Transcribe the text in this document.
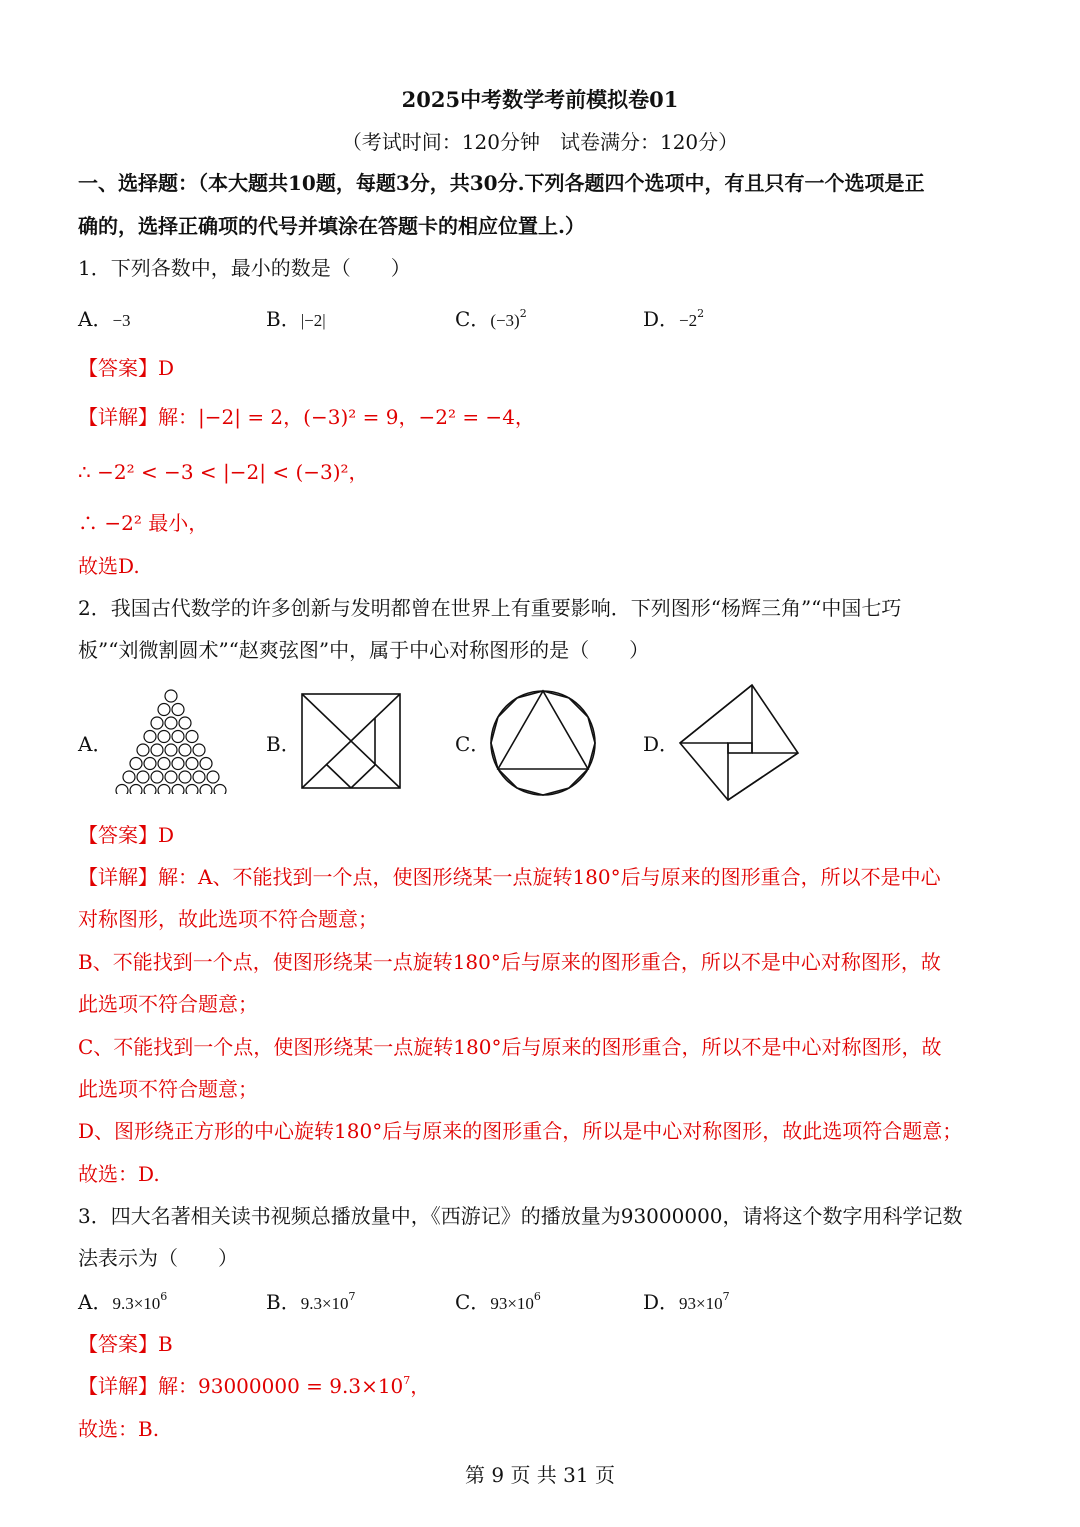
2025中考数学考前模拟卷01
（考试时间：120分钟　试卷满分：120分）
一、选择题：（本大题共10题，每题3分，共30分.下列各题四个选项中，有且只有一个选项是正
确的，选择正确项的代号并填涂在答题卡的相应位置上.）
1．下列各数中，最小的数是（　　）
A．−3	B．|−2|	C．$(-3)^2$	D．$-2^2$
【答案】D
【详解】解：|−2| = 2，(−3)² = 9，−2² = −4，
∴ −2² < −3 < |−2| < (−3)²，
∴ −2² 最小，
故选D.
2．我国古代数学的许多创新与发明都曾在世界上有重要影响．下列图形“杨辉三角”“中国七巧
板”“刘微割圆术”“赵爽弦图”中，属于中心对称图形的是（　　）
A．	B．	C．	D．
【答案】D
【详解】解：A、不能找到一个点，使图形绕某一点旋转180°后与原来的图形重合，所以不是中心
对称图形，故此选项不符合题意；
B、不能找到一个点，使图形绕某一点旋转180°后与原来的图形重合，所以不是中心对称图形，故
此选项不符合题意；
C、不能找到一个点，使图形绕某一点旋转180°后与原来的图形重合，所以不是中心对称图形，故
此选项不符合题意；
D、图形绕正方形的中心旋转180°后与原来的图形重合，所以是中心对称图形，故此选项符合题意；
故选：D.
3．四大名著相关读书视频总播放量中，《西游记》的播放量为93000000，请将这个数字用科学记数
法表示为（　　）
A．$9.3\times 10^6$	B．$9.3\times 10^7$	C．$93\times 10^6$	D．$93\times 10^7$
【答案】B
【详解】解：$93000000 = 9.3\times 10^7$，
故选：B.
第 9 页 共 31 页
